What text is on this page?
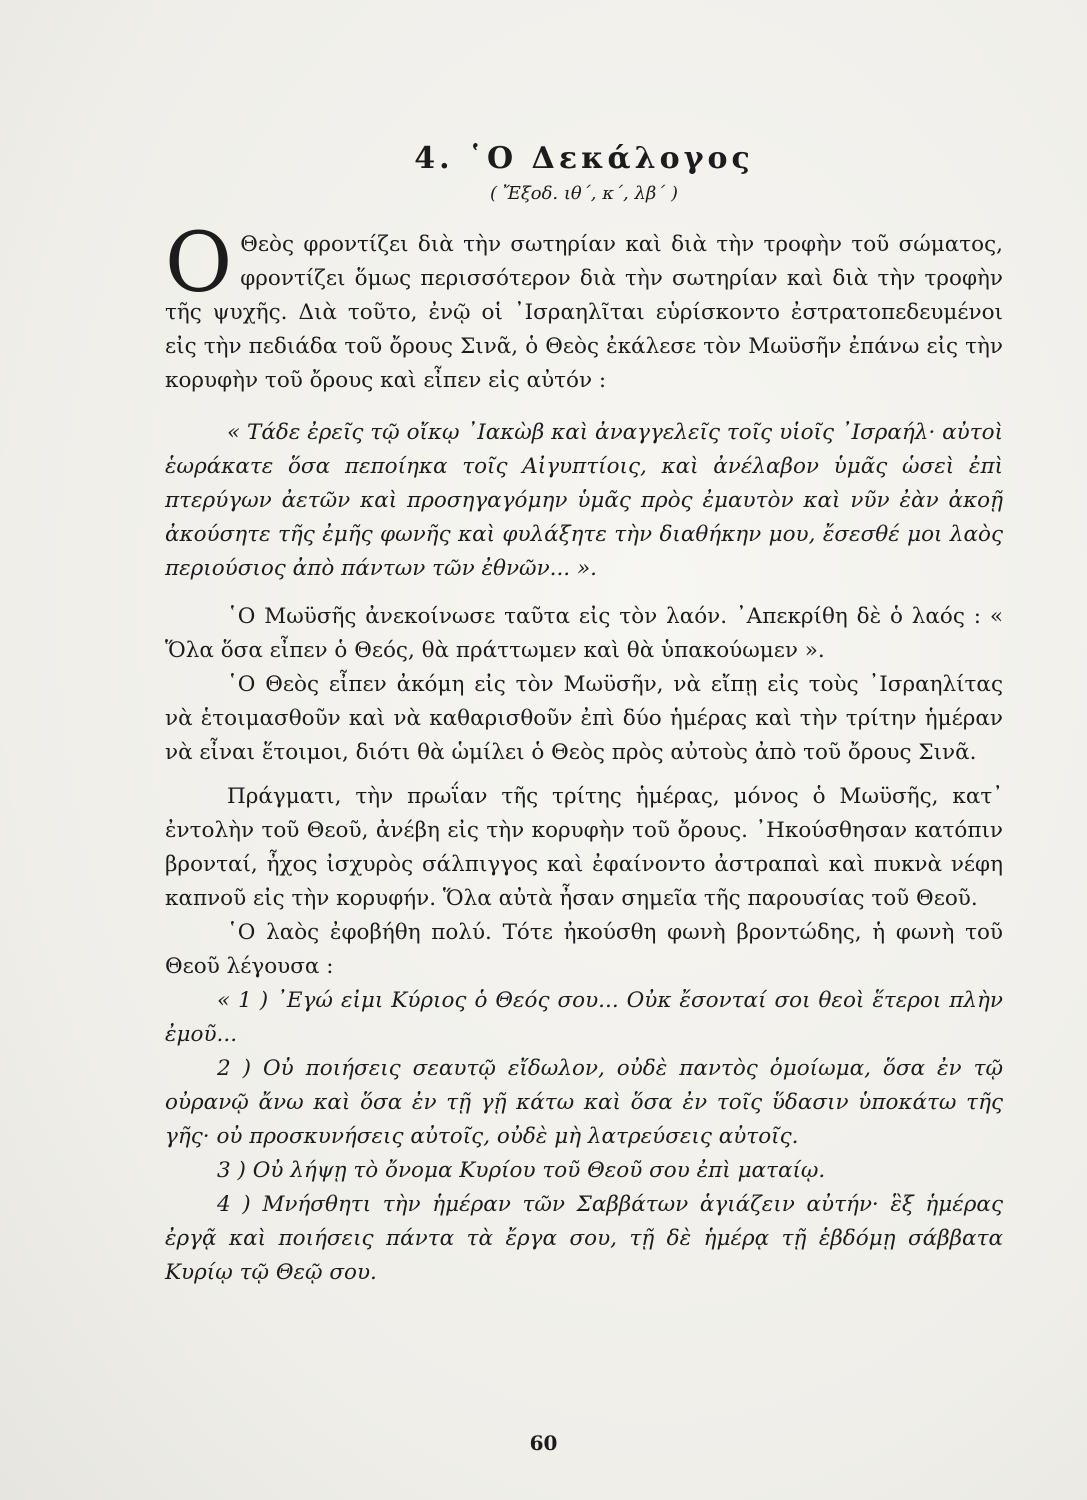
4. ῾Ο Δεκάλογος
( Ἔξοδ. ιθ΄, κ΄, λβ΄ )

Ο Θεὸς φροντίζει διὰ τὴν σωτηρίαν καὶ διὰ τὴν τροφὴν τοῦ σώματος, φροντίζει ὅμως περισσότερον διὰ τὴν σωτηρίαν καὶ διὰ τὴν τροφὴν τῆς ψυχῆς. Διὰ τοῦτο, ἐνῷ οἱ ᾿Ισραηλῖται εὑρίσκοντο ἐστρατοπεδευμένοι εἰς τὴν πεδιάδα τοῦ ὄρους Σινᾶ, ὁ Θεὸς ἐκάλεσε τὸν Μωϋσῆν ἐπάνω εἰς τὴν κορυφὴν τοῦ ὄρους καὶ εἶπεν εἰς αὐτόν :

« Τάδε ἐρεῖς τῷ οἴκῳ ᾿Ιακὼβ καὶ ἀναγγελεῖς τοῖς υἱοῖς ᾿Ισραήλ· αὐτοὶ ἑωράκατε ὅσα πεποίηκα τοῖς Αἰγυπτίοις, καὶ ἀνέλαβον ὑμᾶς ὡσεὶ ἐπὶ πτερύγων ἀετῶν καὶ προσηγαγόμην ὑμᾶς πρὸς ἐμαυτὸν καὶ νῦν ἐὰν ἀκοῇ ἀκούσητε τῆς ἐμῆς φωνῆς καὶ φυλάξητε τὴν διαθήκην μου, ἔσεσθέ μοι λαὸς περιούσιος ἀπὸ πάντων τῶν ἐθνῶν... ».

῾Ο Μωϋσῆς ἀνεκοίνωσε ταῦτα εἰς τὸν λαόν. ᾿Απεκρίθη δὲ ὁ λαός : « Ὅλα ὅσα εἶπεν ὁ Θεός, θὰ πράττωμεν καὶ θὰ ὑπακούωμεν ».

῾Ο Θεὸς εἶπεν ἀκόμη εἰς τὸν Μωϋσῆν, νὰ εἴπῃ εἰς τοὺς ᾿Ισραηλίτας νὰ ἑτοιμασθοῦν καὶ νὰ καθαρισθοῦν ἐπὶ δύο ἡμέρας καὶ τὴν τρίτην ἡμέραν νὰ εἶναι ἕτοιμοι, διότι θὰ ὡμίλει ὁ Θεὸς πρὸς αὐτοὺς ἀπὸ τοῦ ὄρους Σινᾶ.

Πράγματι, τὴν πρωΐαν τῆς τρίτης ἡμέρας, μόνος ὁ Μωϋσῆς, κατ᾿ ἐντολὴν τοῦ Θεοῦ, ἀνέβη εἰς τὴν κορυφὴν τοῦ ὄρους. ᾿Ηκούσθησαν κατόπιν βρονταί, ἦχος ἰσχυρὸς σάλπιγγος καὶ ἐφαίνοντο ἀστραπαὶ καὶ πυκνὰ νέφη καπνοῦ εἰς τὴν κορυφήν. Ὅλα αὐτὰ ἦσαν σημεῖα τῆς παρουσίας τοῦ Θεοῦ.

῾Ο λαὸς ἐφοβήθη πολύ. Τότε ἠκούσθη φωνὴ βροντώδης, ἡ φωνὴ τοῦ Θεοῦ λέγουσα :

« 1 ) ᾿Εγώ εἰμι Κύριος ὁ Θεός σου... Οὐκ ἔσονταί σοι θεοὶ ἕτεροι πλὴν ἐμοῦ...

2 ) Οὐ ποιήσεις σεαυτῷ εἴδωλον, οὐδὲ παντὸς ὁμοίωμα, ὅσα ἐν τῷ οὐρανῷ ἄνω καὶ ὅσα ἐν τῇ γῇ κάτω καὶ ὅσα ἐν τοῖς ὕδασιν ὑποκάτω τῆς γῆς· οὐ προσκυνήσεις αὐτοῖς, οὐδὲ μὴ λατρεύσεις αὐτοῖς.

3 ) Οὐ λήψῃ τὸ ὄνομα Κυρίου τοῦ Θεοῦ σου ἐπὶ ματαίῳ.

4 ) Μνήσθητι τὴν ἡμέραν τῶν Σαββάτων ἁγιάζειν αὐτήν· ἓξ ἡμέρας ἐργᾷ καὶ ποιήσεις πάντα τὰ ἔργα σου, τῇ δὲ ἡμέρᾳ τῇ ἑβδόμῃ σάββατα Κυρίῳ τῷ Θεῷ σου.

60
